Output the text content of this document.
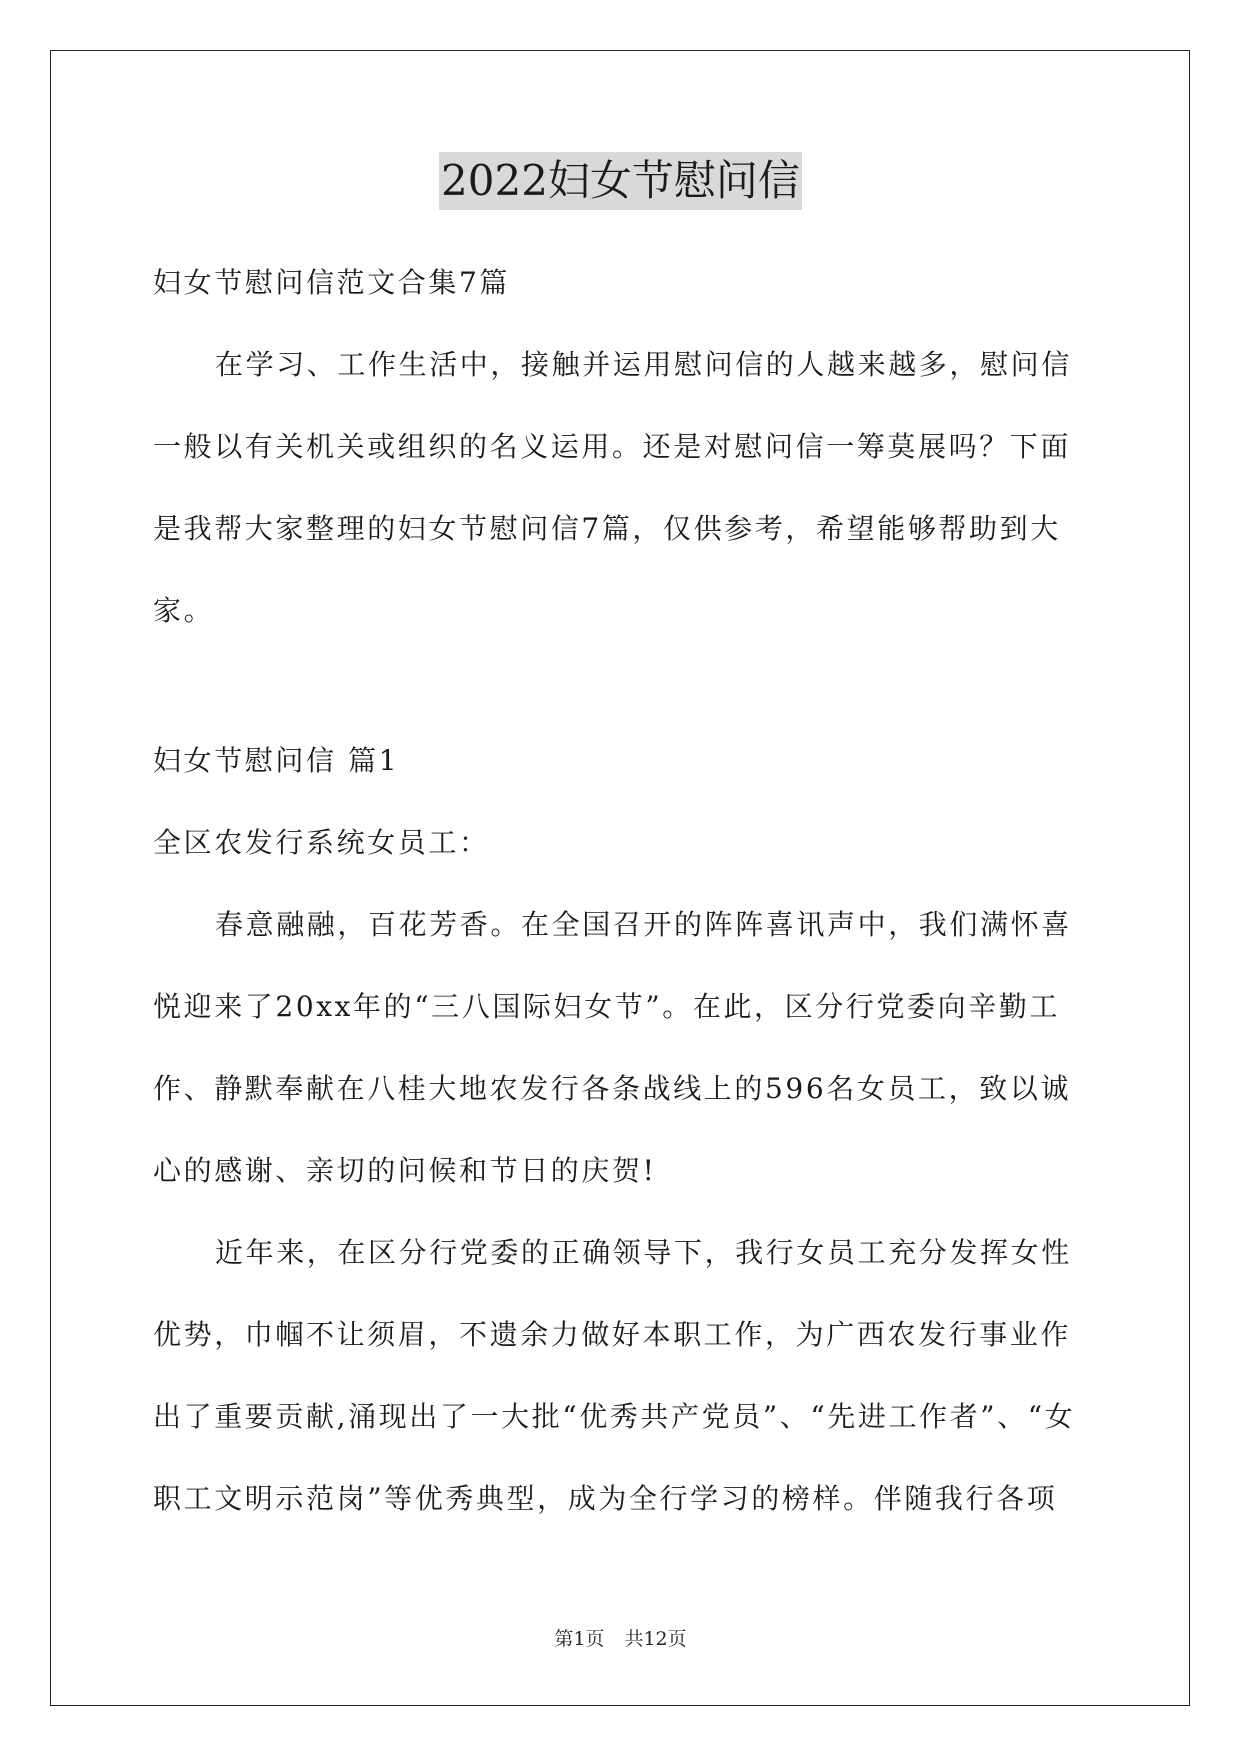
2022妇女节慰问信
妇女节慰问信范文合集7篇
在学习、工作生活中，接触并运用慰问信的人越来越多，慰问信
一般以有关机关或组织的名义运用。还是对慰问信一筹莫展吗？下面
是我帮大家整理的妇女节慰问信7篇，仅供参考，希望能够帮助到大
家。
妇女节慰问信 篇1
全区农发行系统女员工：
春意融融，百花芳香。在全国召开的阵阵喜讯声中，我们满怀喜
悦迎来了20xx年的“三八国际妇女节”。在此，区分行党委向辛勤工
作、静默奉献在八桂大地农发行各条战线上的596名女员工，致以诚
心的感谢、亲切的问候和节日的庆贺!
近年来，在区分行党委的正确领导下，我行女员工充分发挥女性
优势，巾帼不让须眉，不遗余力做好本职工作，为广西农发行事业作
出了重要贡献,涌现出了一大批“优秀共产党员”、“先进工作者”、“女
职工文明示范岗”等优秀典型，成为全行学习的榜样。伴随我行各项
第1页 共12页
